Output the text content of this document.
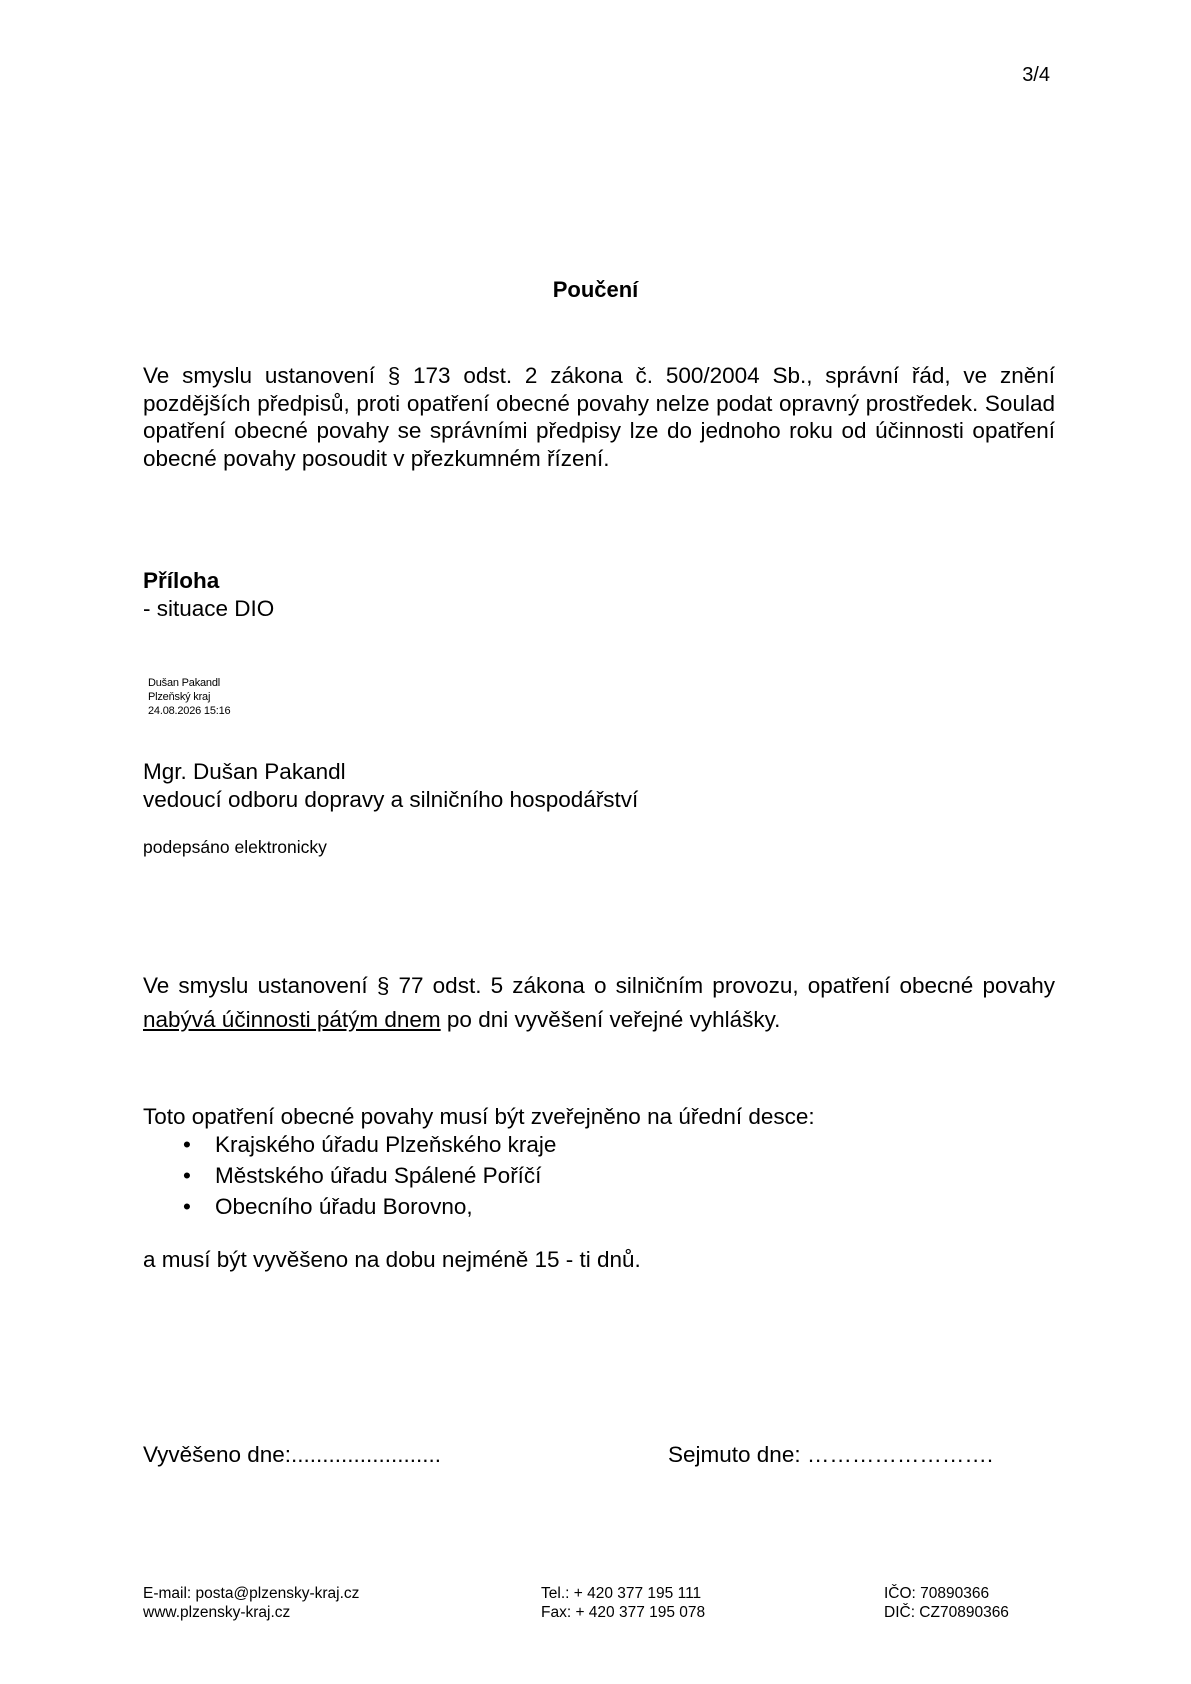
3/4
Poučení
Ve smyslu ustanovení § 173 odst. 2 zákona č. 500/2004 Sb., správní řád, ve znění pozdějších předpisů, proti opatření obecné povahy nelze podat opravný prostředek. Soulad opatření obecné povahy se správními předpisy lze do jednoho roku od účinnosti opatření obecné povahy posoudit v přezkumném řízení.
Příloha
- situace DIO
Dušan Pakandl
Plzeňský kraj
24.08.2026 15:16
Mgr. Dušan Pakandl
vedoucí odboru dopravy a silničního hospodářství
podepsáno elektronicky
Ve smyslu ustanovení § 77 odst. 5 zákona o silničním provozu, opatření obecné povahy nabývá účinnosti pátým dnem po dni vyvěšení veřejné vyhlášky.
Toto opatření obecné povahy musí být zveřejněno na úřední desce:
• Krajského úřadu Plzeňského kraje
• Městského úřadu Spálené Poříčí
• Obecního úřadu Borovno,
a musí být vyvěšeno na dobu nejméně 15 - ti dnů.
Vyvěšeno dne:........................	Sejmuto dne: …………………….
E-mail: posta@plzensky-kraj.cz
www.plzensky-kraj.cz
Tel.: + 420 377 195 111
Fax: + 420 377 195 078
IČO: 70890366
DIČ: CZ70890366
